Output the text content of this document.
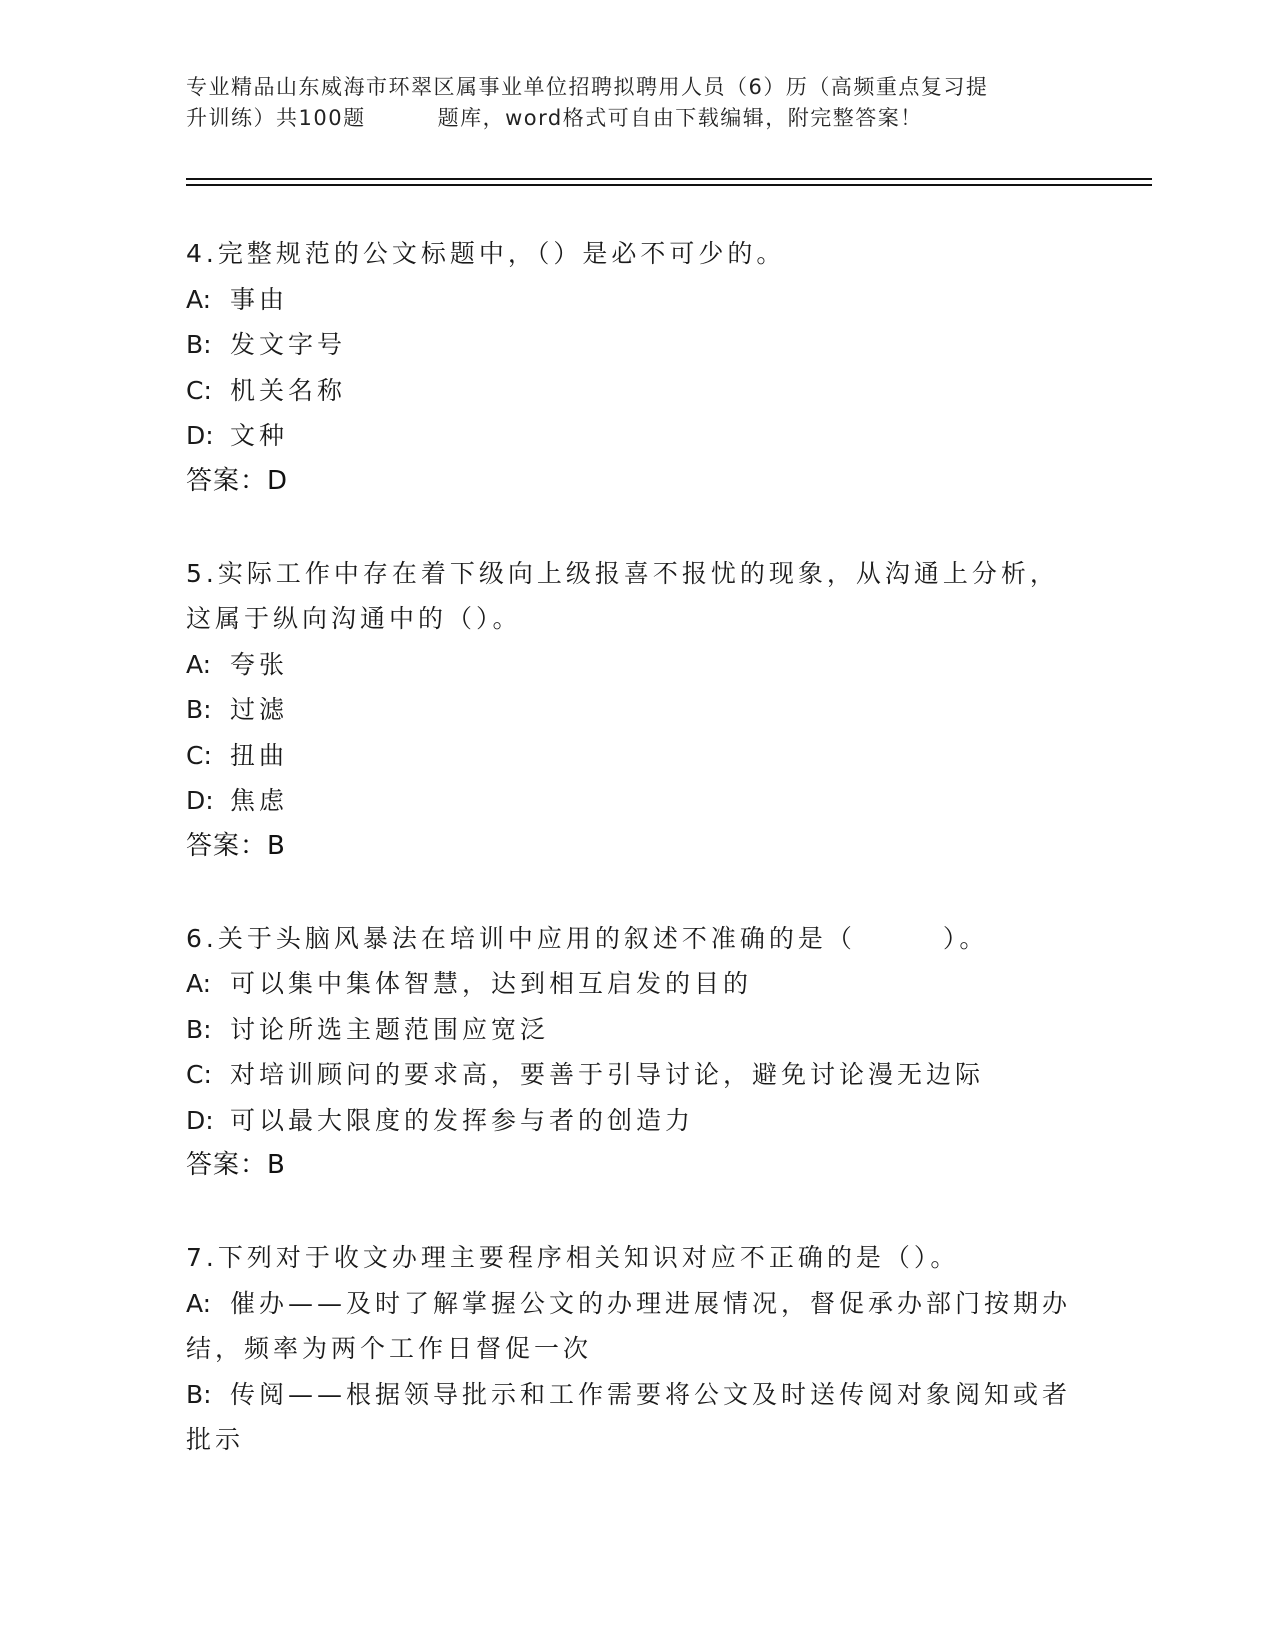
专业精品山东威海市环翠区属事业单位招聘拟聘用人员（6）历（高频重点复习提
升训练）共100题	题库，word格式可自由下载编辑，附完整答案！
4.完整规范的公文标题中，（）是必不可少的。
A: 事由
B: 发文字号
C: 机关名称
D: 文种
答案：D
5.实际工作中存在着下级向上级报喜不报忧的现象，从沟通上分析，
这属于纵向沟通中的（）。
A: 夸张
B: 过滤
C: 扭曲
D: 焦虑
答案：B
6.关于头脑风暴法在培训中应用的叙述不准确的是（　　　）。
A: 可以集中集体智慧，达到相互启发的目的
B: 讨论所选主题范围应宽泛
C: 对培训顾问的要求高，要善于引导讨论，避免讨论漫无边际
D: 可以最大限度的发挥参与者的创造力
答案：B
7.下列对于收文办理主要程序相关知识对应不正确的是（）。
A: 催办——及时了解掌握公文的办理进展情况，督促承办部门按期办
结，频率为两个工作日督促一次
B: 传阅——根据领导批示和工作需要将公文及时送传阅对象阅知或者
批示
